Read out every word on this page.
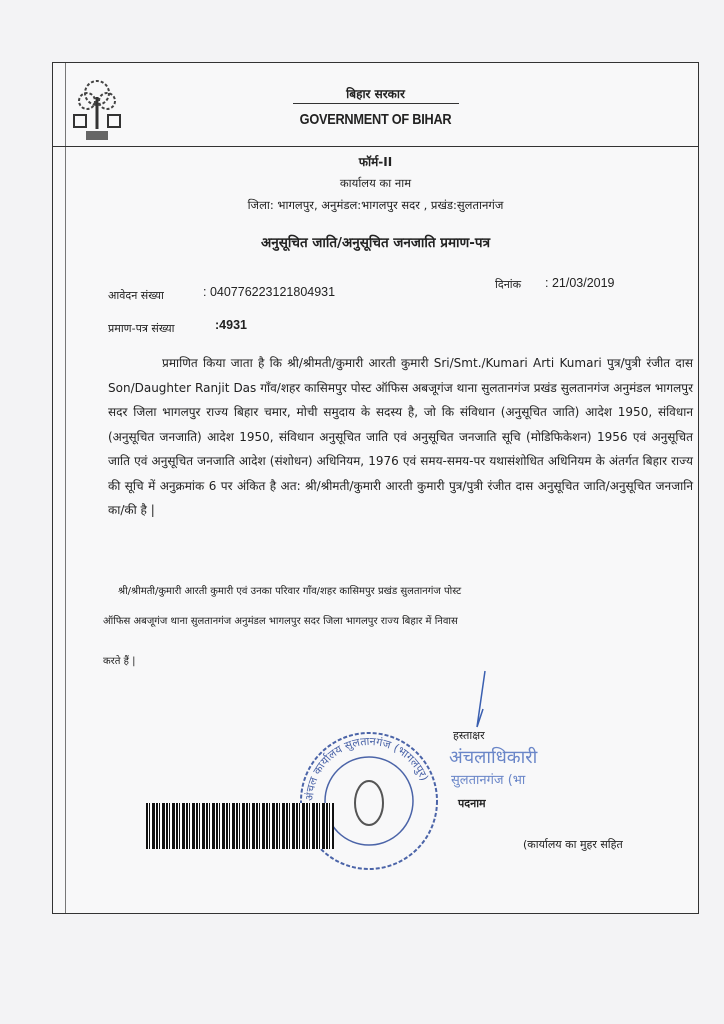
बिहार सरकार
GOVERNMENT OF BIHAR
फॉर्म-II
कार्यालय का नाम
जिला: भागलपुर, अनुमंडल:भागलपुर सदर , प्रखंड:सुलतानगंज
अनुसूचित जाति/अनुसूचित जनजाति प्रमाण-पत्र
आवेदन संख्या	: 040776223121804931
दिनांक : 21/03/2019
प्रमाण-पत्र संख्या	:4931
प्रमाणित किया जाता है कि श्री/श्रीमती/कुमारी आरती कुमारी Sri/Smt./Kumari Arti Kumari पुत्र/पुत्री रंजीत दास Son/Daughter Ranjit Das गाँव/शहर कासिमपुर पोस्ट ऑफिस अबजूगंज थाना सुलतानगंज प्रखंड सुलतानगंज अनुमंडल भागलपुर सदर जिला भागलपुर राज्य बिहार चमार, मोची समुदाय के सदस्य है, जो कि संविधान (अनुसूचित जाति) आदेश 1950, संविधान (अनुसूचित जनजाति) आदेश 1950, संविधान अनुसूचित जाति एवं अनुसूचित जनजाति सूचि (मोडिफिकेशन) 1956 एवं अनुसूचित जाति एवं अनुसूचित जनजाति आदेश (संशोधन) अधिनियम, 1976 एवं समय-समय-पर यथासंशोधित अधिनियम के अंतर्गत बिहार राज्य की सूचि में अनुक्रमांक 6 पर अंकित है अत: श्री/श्रीमती/कुमारी आरती कुमारी पुत्र/पुत्री रंजीत दास अनुसूचित जाति/अनुसूचित जनजानि का/की है |
श्री/श्रीमती/कुमारी आरती कुमारी एवं उनका परिवार गाँव/शहर कासिमपुर प्रखंड सुलतानगंज पोस्ट
ऑफिस अबजूगंज थाना सुलतानगंज अनुमंडल भागलपुर सदर जिला भागलपुर राज्य बिहार में निवास
करते हैं |
हस्ताक्षर
अंचलाधिकारी
सुलतानगंज (भा
पदनाम
अंचल कार्यालय सुलतानगंज (भागलपुर)
(कार्यालय का मुहर सहित
